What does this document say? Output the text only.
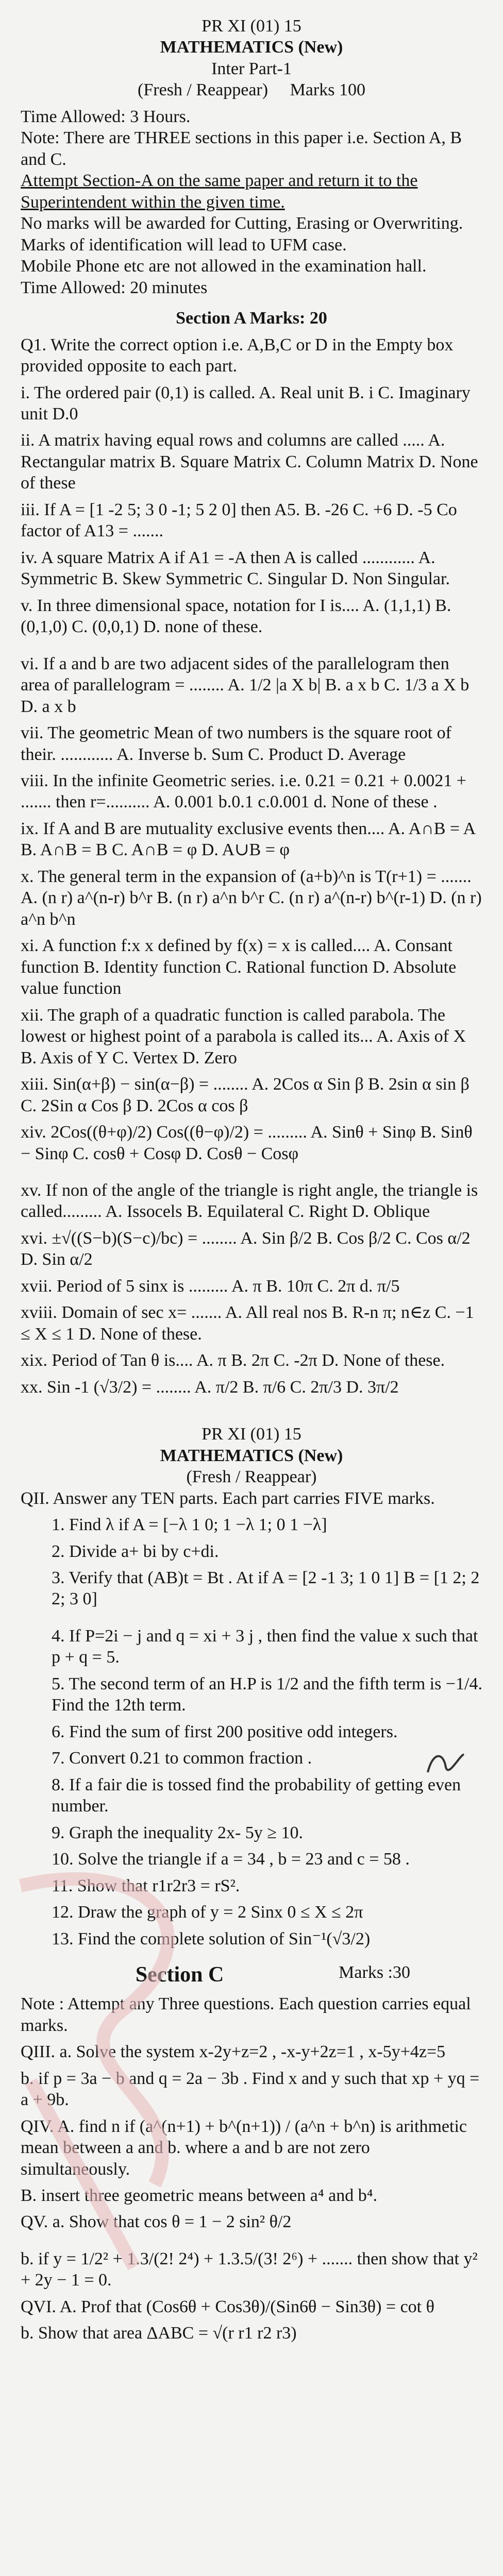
PR XI (01) 15
MATHEMATICS (New)
Inter Part-1
(Fresh / Reappear) Marks 100
Time Allowed: 3 Hours.
Note: There are THREE sections in this paper i.e. Section A, B and C.
Attempt Section-A on the same paper and return it to the Superintendent within the given time.
No marks will be awarded for Cutting, Erasing or Overwriting. Marks of identification will lead to UFM case.
Mobile Phone etc are not allowed in the examination hall.
Time Allowed: 20 minutes
Section A Marks: 20
Q1. Write the correct option i.e. A,B,C or D in the Empty box provided opposite to each part.
i. The ordered pair (0,1) is called. A. Real unit B. i C. Imaginary unit D.0
ii. A matrix having equal rows and columns are called ..... A. Rectangular matrix B. Square Matrix C. Column Matrix D. None of these
iii. If A = [1 -2 5; 3 0 -1; 5 2 0] then A5. B. -26 C. +6 D. -5 Co factor of A13 = .......
iv. A square Matrix A if A1 = -A then A is called ............ A. Symmetric B. Skew Symmetric C. Singular D. Non Singular.
v. In three dimensional space, notation for I is.... A. (1,1,1) B. (0,1,0) C. (0,0,1) D. none of these.
vi. If a and b are two adjacent sides of the parallelogram then area of parallelogram = ........ A. 1/2 |a X b| B. a x b C. 1/3 a X b D. a x b
vii. The geometric Mean of two numbers is the square root of their. ............ A. Inverse b. Sum C. Product D. Average
viii. In the infinite Geometric series. i.e. 0.21 = 0.21 + 0.0021 + ....... then r=.......... A. 0.001 b.0.1 c.0.001 d. None of these .
ix. If A and B are mutuality exclusive events then.... A. A∩B = A B. A∩B = B C. A∩B = φ D. A∪B = φ
x. The general term in the expansion of (a+b)^n is T(r+1) = ....... A. (n r) a^(n-r) b^r B. (n r) a^n b^r C. (n r) a^(n-r) b^(r-1) D. (n r) a^n b^n
xi. A function f:x x defined by f(x) = x is called.... A. Consant function B. Identity function C. Rational function D. Absolute value function
xii. The graph of a quadratic function is called parabola. The lowest or highest point of a parabola is called its... A. Axis of X B. Axis of Y C. Vertex D. Zero
xiii. Sin(α+β) − sin(α−β) = ........ A. 2Cos α Sin β B. 2sin α sin β C. 2Sin α Cos β D. 2Cos α cos β
xiv. 2Cos((θ+φ)/2) Cos((θ−φ)/2) = ......... A. Sinθ + Sinφ B. Sinθ − Sinφ C. cosθ + Cosφ D. Cosθ − Cosφ
xv. If non of the angle of the triangle is right angle, the triangle is called......... A. Issocels B. Equilateral C. Right D. Oblique
xvi. ±√((S−b)(S−c)/bc) = ........ A. Sin β/2 B. Cos β/2 C. Cos α/2 D. Sin α/2
xvii. Period of 5 sinx is ......... A. π B. 10π C. 2π d. π/5
xviii. Domain of sec x= ....... A. All real nos B. R-n π; n∈z C. −1 ≤ X ≤ 1 D. None of these.
xix. Period of Tan θ is.... A. π B. 2π C. -2π D. None of these.
xx. Sin -1 (√3/2) = ........ A. π/2 B. π/6 C. 2π/3 D. 3π/2
PR XI (01) 15
MATHEMATICS (New)
(Fresh / Reappear)
QII. Answer any TEN parts. Each part carries FIVE marks.
1. Find λ if A = [−λ 1 0; 1 −λ 1; 0 1 −λ]
2. Divide a+ bi by c+di.
3. Verify that (AB)t = Bt . At if A = [2 -1 3; 1 0 1] B = [1 2; 2 2; 3 0]
4. If P=2i − j and q = xi + 3 j , then find the value x such that p + q = 5.
5. The second term of an H.P is 1/2 and the fifth term is −1/4. Find the 12th term.
6. Find the sum of first 200 positive odd integers.
7. Convert 0.21 to common fraction .
8. If a fair die is tossed find the probability of getting even number.
9. Graph the inequality 2x- 5y ≥ 10.
10. Solve the triangle if a = 34 , b = 23 and c = 58 .
11. Show that r1r2r3 = rS².
12. Draw the graph of y = 2 Sinx 0 ≤ X ≤ 2π
13. Find the complete solution of Sin⁻¹(√3/2)
Section C	Marks :30
Note : Attempt any Three questions. Each question carries equal marks.
QIII. a. Solve the system x-2y+z=2 , -x-y+2z=1 , x-5y+4z=5
b. if p = 3a − b and q = 2a − 3b . Find x and y such that xp + yq = a + 9b.
QIV. A. find n if (a^(n+1) + b^(n+1)) / (a^n + b^n) is arithmetic mean between a and b. where a and b are not zero simultaneously.
B. insert three geometric means between a⁴ and b⁴.
QV. a. Show that cos θ = 1 − 2 sin² θ/2
b. if y = 1/2² + 1.3/(2! 2⁴) + 1.3.5/(3! 2⁶) + ....... then show that y² + 2y − 1 = 0.
QVI. A. Prof that (Cos6θ + Cos3θ)/(Sin6θ − Sin3θ) = cot θ
b. Show that area ΔABC = √(r r1 r2 r3)
